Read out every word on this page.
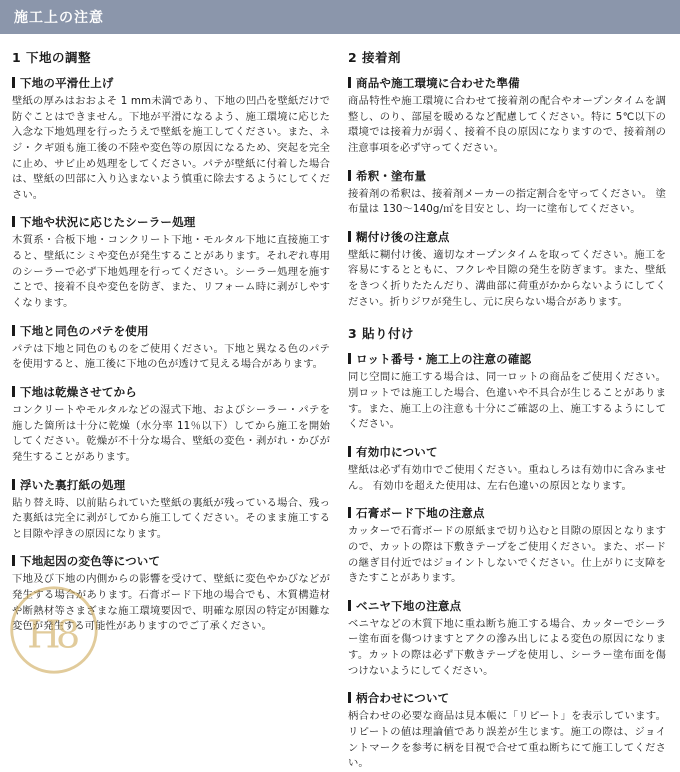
施工上の注意
H
8
1 下地の調整
下地の平滑仕上げ

壁紙の厚みはおおよそ 1 mm未満であり、下地の凹凸を壁紙だけで防ぐことはできません。下地が平滑になるよう、施工環境に応じた入念な下地処理を行ったうえで壁紙を施工してください。また、ネジ・クギ頭も施工後の不陸や変色等の原因になるため、突起を完全に止め、サビ止め処理をしてください。パテが壁紙に付着した場合は、壁紙の凹部に入り込まないよう慎重に除去するようにしてください。

下地や状況に応じたシーラー処理

木質系・合板下地・コンクリート下地・モルタル下地に直接施工すると、壁紙にシミや変色が発生することがあります。それぞれ専用のシーラーで必ず下地処理を行ってください。シーラー処理を施すことで、接着不良や変色を防ぎ、また、リフォーム時に剥がしやすくなります。

下地と同色のパテを使用

パテは下地と同色のものをご使用ください。下地と異なる色のパテを使用すると、施工後に下地の色が透けて見える場合があります。

下地は乾燥させてから

コンクリートやモルタルなどの湿式下地、およびシーラー・パテを施した箇所は十分に乾燥（水分率 11％以下）してから施工を開始してください。乾燥が不十分な場合、壁紙の変色・剥がれ・かびが発生することがあります。

浮いた裏打紙の処理

貼り替え時、以前貼られていた壁紙の裏紙が残っている場合、残った裏紙は完全に剥がしてから施工してください。そのまま施工すると目隙や浮きの原因になります。

下地起因の変色等について

下地及び下地の内側からの影響を受けて、壁紙に変色やかびなどが発生する場合があります。石膏ボード下地の場合でも、木質構造材や断熱材等さまざまな施工環境要因で、明確な原因の特定が困難な変色が発生する可能性がありますのでご了承ください。

2 接着剤
商品や施工環境に合わせた準備

商品特性や施工環境に合わせて接着剤の配合やオープンタイムを調整し、のり、部屋を暖めるなど配慮してください。特に 5℃以下の環境では接着力が弱く、接着不良の原因になりますので、接着剤の注意事項を必ず守ってください。

希釈・塗布量

接着剤の希釈は、接着剤メーカーの指定割合を守ってください。 塗布量は 130〜140g/㎡を目安とし、均一に塗布してください。

糊付け後の注意点

壁紙に糊付け後、適切なオープンタイムを取ってください。施工を容易にするとともに、フクレや目隙の発生を防ぎます。また、壁紙をきつく折りたたんだり、溝曲部に荷重がかからないようにしてください。折りジワが発生し、元に戻らない場合があります。

3 貼り付け
ロット番号・施工上の注意の確認

同じ空間に施工する場合は、同一ロットの商品をご使用ください。別ロットでは施工した場合、色違いや不具合が生じることがあります。また、施工上の注意も十分にご確認の上、施工するようにしてください。

有効巾について

壁紙は必ず有効巾でご使用ください。重ねしろは有効巾に含みません。 有効巾を超えた使用は、左右色違いの原因となります。

石膏ボード下地の注意点

カッターで石膏ボードの原紙まで切り込むと目隙の原因となりますので、カットの際は下敷きテープをご使用ください。また、ボードの継ぎ目付近ではジョイントしないでください。仕上がりに支障をきたすことがあります。

ベニヤ下地の注意点

ベニヤなどの木質下地に重ね断ち施工する場合、カッターでシーラー塗布面を傷つけますとアクの滲み出しによる変色の原因になります。カットの際は必ず下敷きテープを使用し、シーラー塗布面を傷つけないようにしてください。

柄合わせについて

柄合わせの必要な商品は見本帳に「リピート」を表示しています。 リピートの値は理論値であり誤差が生じます。施工の際は、ジョイントマークを参考に柄を目視で合せて重ね断ちにて施工してください。
